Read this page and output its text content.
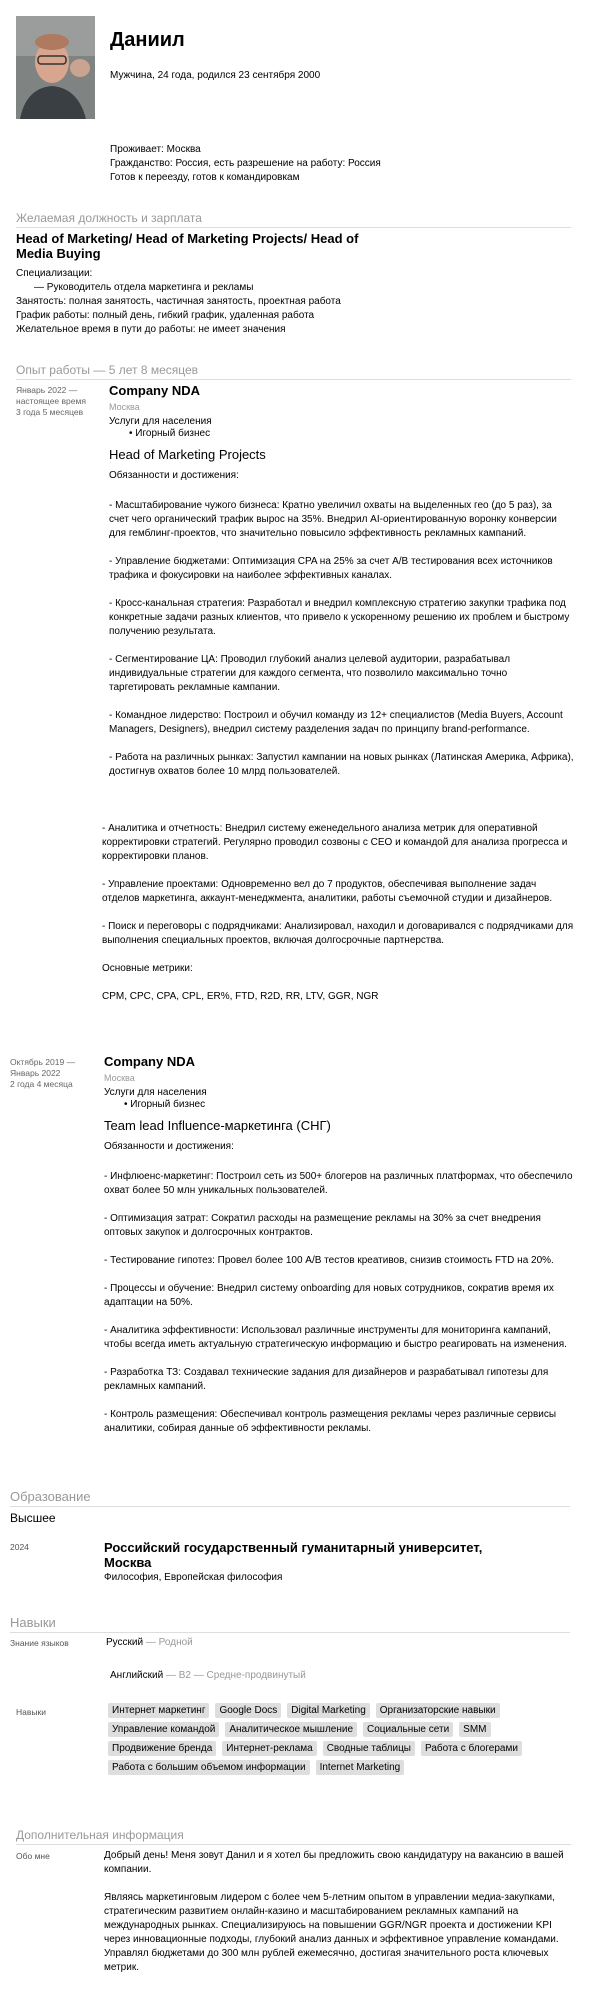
Даниил
Мужчина, 24 года, родился 23 сентября 2000
Проживает: Москва
Гражданство: Россия, есть разрешение на работу: Россия
Готов к переезду, готов к командировкам
Желаемая должность и зарплата
Head of Marketing/ Head of Marketing Projects/ Head of
Media Buying
Специализации:
— Руководитель отдела маркетинга и рекламы
Занятость: полная занятость, частичная занятость, проектная работа
График работы: полный день, гибкий график, удаленная работа
Желательное время в пути до работы: не имеет значения
Опыт работы — 5 лет 8 месяцев
Январь 2022 —
настоящее время
3 года 5 месяцев
Company NDA
Москва
Услуги для населения
• Игорный бизнес
Head of Marketing Projects
Обязанности и достижения:
- Масштабирование чужого бизнеса: Кратно увеличил охваты на выделенных гео (до 5 раз), за счет чего органический трафик вырос на 35%. Внедрил AI-ориентированную воронку конверсии для гемблинг-проектов, что значительно повысило эффективность рекламных кампаний.
- Управление бюджетами: Оптимизация CPA на 25% за счет A/B тестирования всех источников трафика и фокусировки на наиболее эффективных каналах.
- Кросс-канальная стратегия: Разработал и внедрил комплексную стратегию закупки трафика под конкретные задачи разных клиентов, что привело к ускоренному решению их проблем и быстрому получению результата.
- Сегментирование ЦА: Проводил глубокий анализ целевой аудитории, разрабатывал индивидуальные стратегии для каждого сегмента, что позволило максимально точно таргетировать рекламные кампании.
- Командное лидерство: Построил и обучил команду из 12+ специалистов (Media Buyers, Account Managers, Designers), внедрил систему разделения задач по принципу brand-performance.
- Работа на различных рынках: Запустил кампании на новых рынках (Латинская Америка, Африка), достигнув охватов более 10 млрд пользователей.
- Аналитика и отчетность: Внедрил систему еженедельного анализа метрик для оперативной корректировки стратегий. Регулярно проводил созвоны с CEO и командой для анализа прогресса и корректировки планов.
- Управление проектами: Одновременно вел до 7 продуктов, обеспечивая выполнение задач отделов маркетинга, аккаунт-менеджмента, аналитики, работы съемочной студии и дизайнеров.
- Поиск и переговоры с подрядчиками: Анализировал, находил и договаривался с подрядчиками для выполнения специальных проектов, включая долгосрочные партнерства.
Основные метрики:
CPM, CPC, CPA, CPL, ER%, FTD, R2D, RR, LTV, GGR, NGR
Октябрь 2019 —
Январь 2022
2 года 4 месяца
Company NDA
Москва
Услуги для населения
• Игорный бизнес
Team lead Influence-маркетинга (СНГ)
Обязанности и достижения:
- Инфлюенс-маркетинг: Построил сеть из 500+ блогеров на различных платформах, что обеспечило охват более 50 млн уникальных пользователей.
- Оптимизация затрат: Сократил расходы на размещение рекламы на 30% за счет внедрения оптовых закупок и долгосрочных контрактов.
- Тестирование гипотез: Провел более 100 A/B тестов креативов, снизив стоимость FTD на 20%.
- Процессы и обучение: Внедрил систему onboarding для новых сотрудников, сократив время их адаптации на 50%.
- Аналитика эффективности: Использовал различные инструменты для мониторинга кампаний, чтобы всегда иметь актуальную стратегическую информацию и быстро реагировать на изменения.
- Разработка ТЗ: Создавал технические задания для дизайнеров и разрабатывал гипотезы для рекламных кампаний.
- Контроль размещения: Обеспечивал контроль размещения рекламы через различные сервисы аналитики, собирая данные об эффективности рекламы.
Образование
Высшее
2024	Российский государственный гуманитарный университет,
Москва
Философия, Европейская философия
Навыки
Знание языков	Русский — Родной
Английский — B2 — Средне-продвинутый
Навыки	Интернет маркетинг	Google Docs	Digital Marketing	Организаторские навыки
Управление командой	Аналитическое мышление	Социальные сети	SMM
Продвижение бренда	Интернет-реклама	Сводные таблицы	Работа с блогерами
Работа с большим объемом информации	Internet Marketing
Дополнительная информация
Обо мне	Добрый день! Меня зовут Данил и я хотел бы предложить свою кандидатуру на вакансию в вашей компании.
Являясь маркетинговым лидером с более чем 5-летним опытом в управлении медиа-закупками, стратегическим развитием онлайн-казино и масштабированием рекламных кампаний на международных рынках. Специализируюсь на повышении GGR/NGR проекта и достижении KPI через инновационные подходы, глубокий анализ данных и эффективное управление командами. Управлял бюджетами до 300 млн рублей ежемесячно, достигая значительного роста ключевых метрик.
